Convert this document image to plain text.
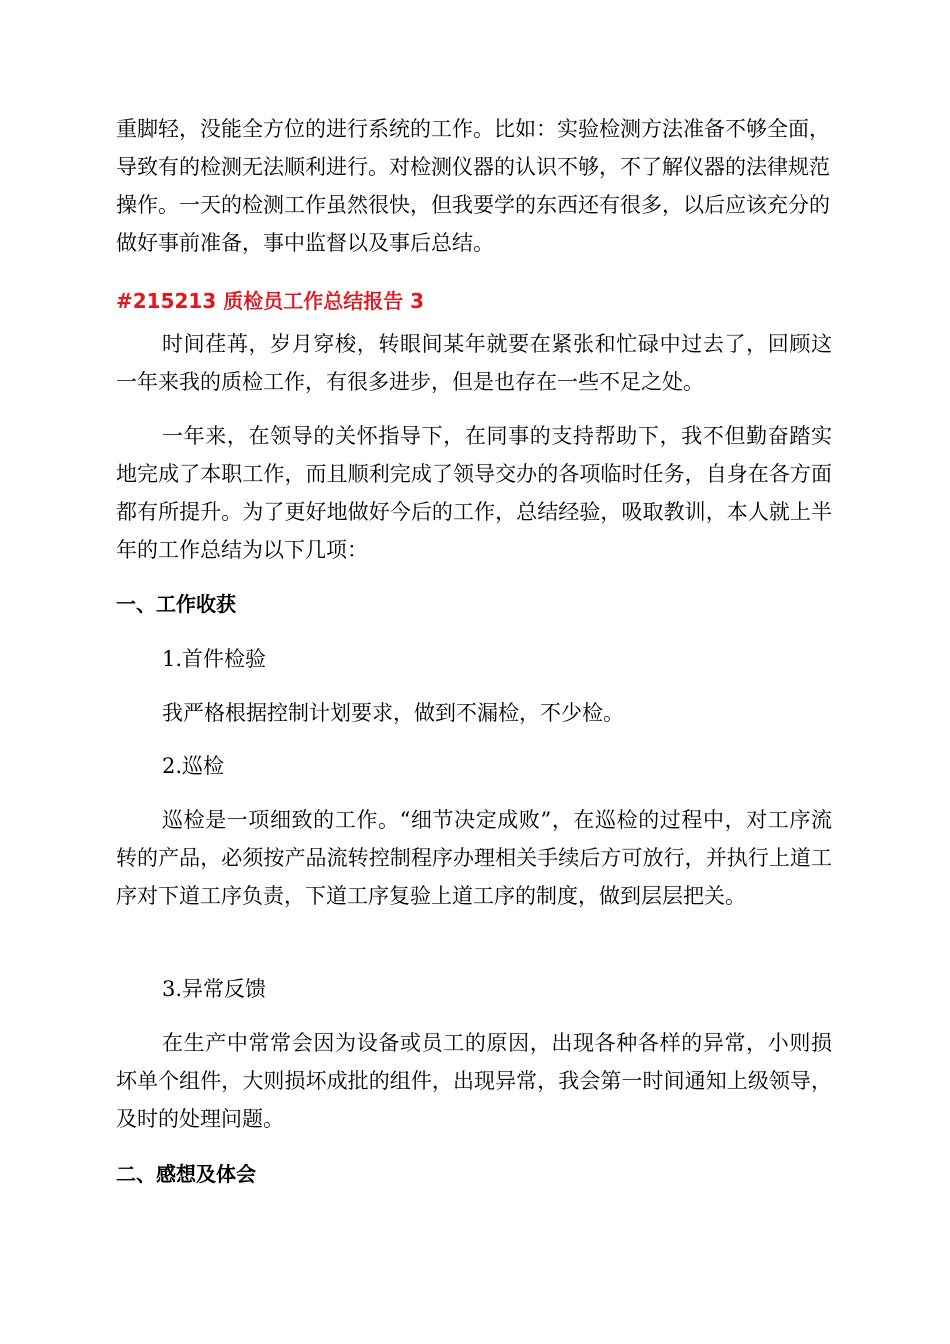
重脚轻，没能全方位的进行系统的工作。比如：实验检测方法准备不够全面，导致有的检测无法顺利进行。对检测仪器的认识不够，不了解仪器的法律规范操作。一天的检测工作虽然很快，但我要学的东西还有很多，以后应该充分的做好事前准备，事中监督以及事后总结。

#215213 质检员工作总结报告 3

时间荏苒，岁月穿梭，转眼间某年就要在紧张和忙碌中过去了，回顾这一年来我的质检工作，有很多进步，但是也存在一些不足之处。

一年来，在领导的关怀指导下，在同事的支持帮助下，我不但勤奋踏实地完成了本职工作，而且顺利完成了领导交办的各项临时任务，自身在各方面都有所提升。为了更好地做好今后的工作，总结经验，吸取教训，本人就上半年的工作总结为以下几项：

一、工作收获

1.首件检验

我严格根据控制计划要求，做到不漏检，不少检。

2.巡检

巡检是一项细致的工作。“细节决定成败”，在巡检的过程中，对工序流转的产品，必须按产品流转控制程序办理相关手续后方可放行，并执行上道工序对下道工序负责，下道工序复验上道工序的制度，做到层层把关。

3.异常反馈

在生产中常常会因为设备或员工的原因，出现各种各样的异常，小则损坏单个组件，大则损坏成批的组件，出现异常，我会第一时间通知上级领导，及时的处理问题。

二、感想及体会
